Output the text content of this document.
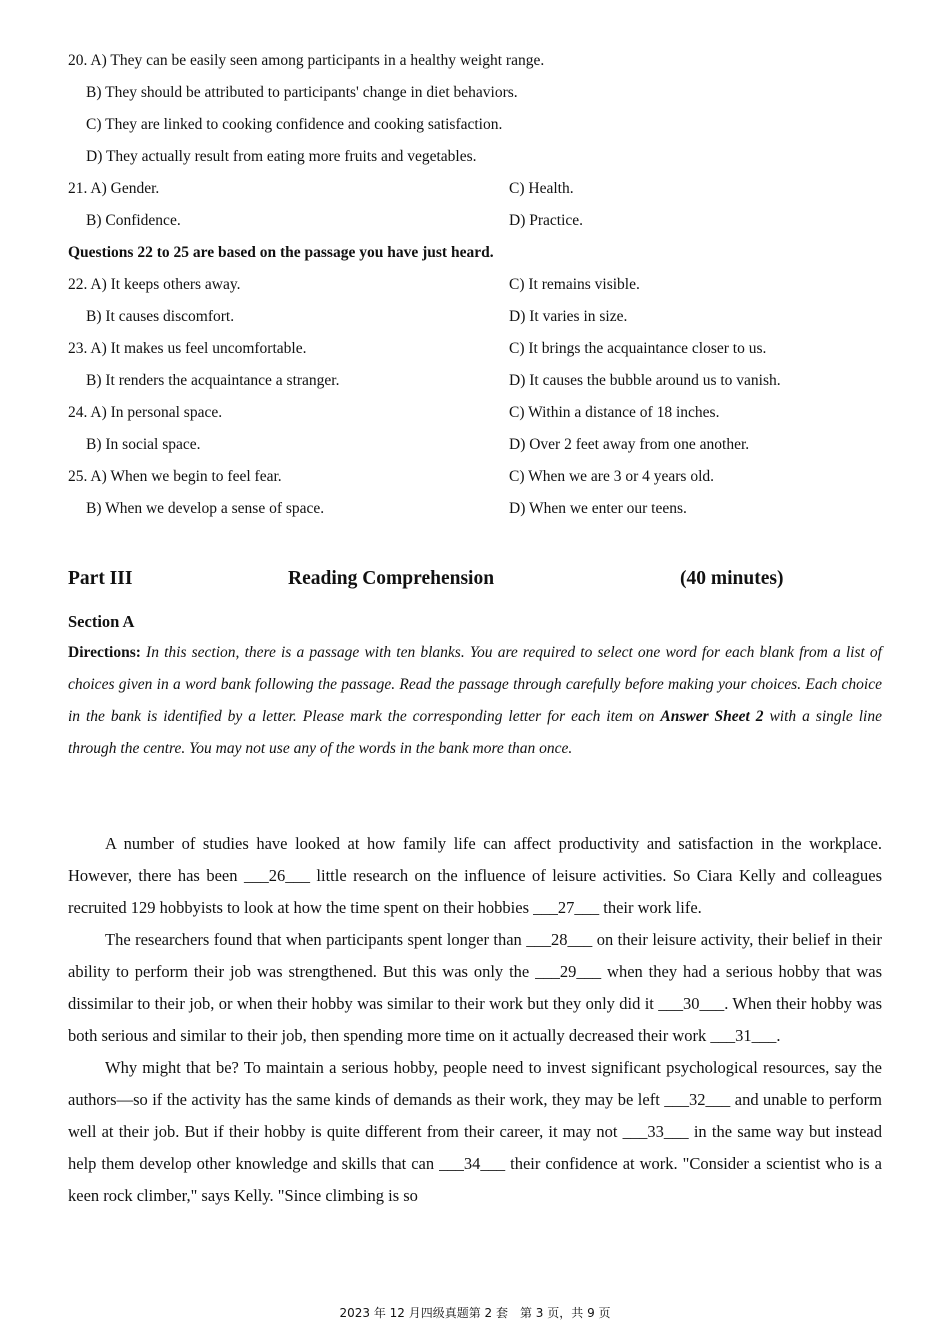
20. A) They can be easily seen among participants in a healthy weight range.
B) They should be attributed to participants' change in diet behaviors.
C) They are linked to cooking confidence and cooking satisfaction.
D) They actually result from eating more fruits and vegetables.
21. A) Gender.	C) Health.
B) Confidence.	D) Practice.
Questions 22 to 25 are based on the passage you have just heard.
22. A) It keeps others away.	C) It remains visible.
B) It causes discomfort.	D) It varies in size.
23. A) It makes us feel uncomfortable.	C) It brings the acquaintance closer to us.
B) It renders the acquaintance a stranger.	D) It causes the bubble around us to vanish.
24. A) In personal space.	C) Within a distance of 18 inches.
B) In social space.	D) Over 2 feet away from one another.
25. A) When we begin to feel fear.	C) When we are 3 or 4 years old.
B) When we develop a sense of space.	D) When we enter our teens.
Part III	Reading Comprehension	(40 minutes)
Section A
Directions: In this section, there is a passage with ten blanks. You are required to select one word for each blank from a list of choices given in a word bank following the passage. Read the passage through carefully before making your choices. Each choice in the bank is identified by a letter. Please mark the corresponding letter for each item on Answer Sheet 2 with a single line through the centre. You may not use any of the words in the bank more than once.

A number of studies have looked at how family life can affect productivity and satisfaction in the workplace. However, there has been ___26___ little research on the influence of leisure activities. So Ciara Kelly and colleagues recruited 129 hobbyists to look at how the time spent on their hobbies ___27___ their work life.

The researchers found that when participants spent longer than ___28___ on their leisure activity, their belief in their ability to perform their job was strengthened. But this was only the ___29___ when they had a serious hobby that was dissimilar to their job, or when their hobby was similar to their work but they only did it ___30___. When their hobby was both serious and similar to their job, then spending more time on it actually decreased their work ___31___.

Why might that be? To maintain a serious hobby, people need to invest significant psychological resources, say the authors—so if the activity has the same kinds of demands as their work, they may be left ___32___ and unable to perform well at their job. But if their hobby is quite different from their career, it may not ___33___ in the same way but instead help them develop other knowledge and skills that can ___34___ their confidence at work. "Consider a scientist who is a keen rock climber," says Kelly. "Since climbing is so

2023 年 12 月四级真题第 2 套　第 3 页，共 9 页
